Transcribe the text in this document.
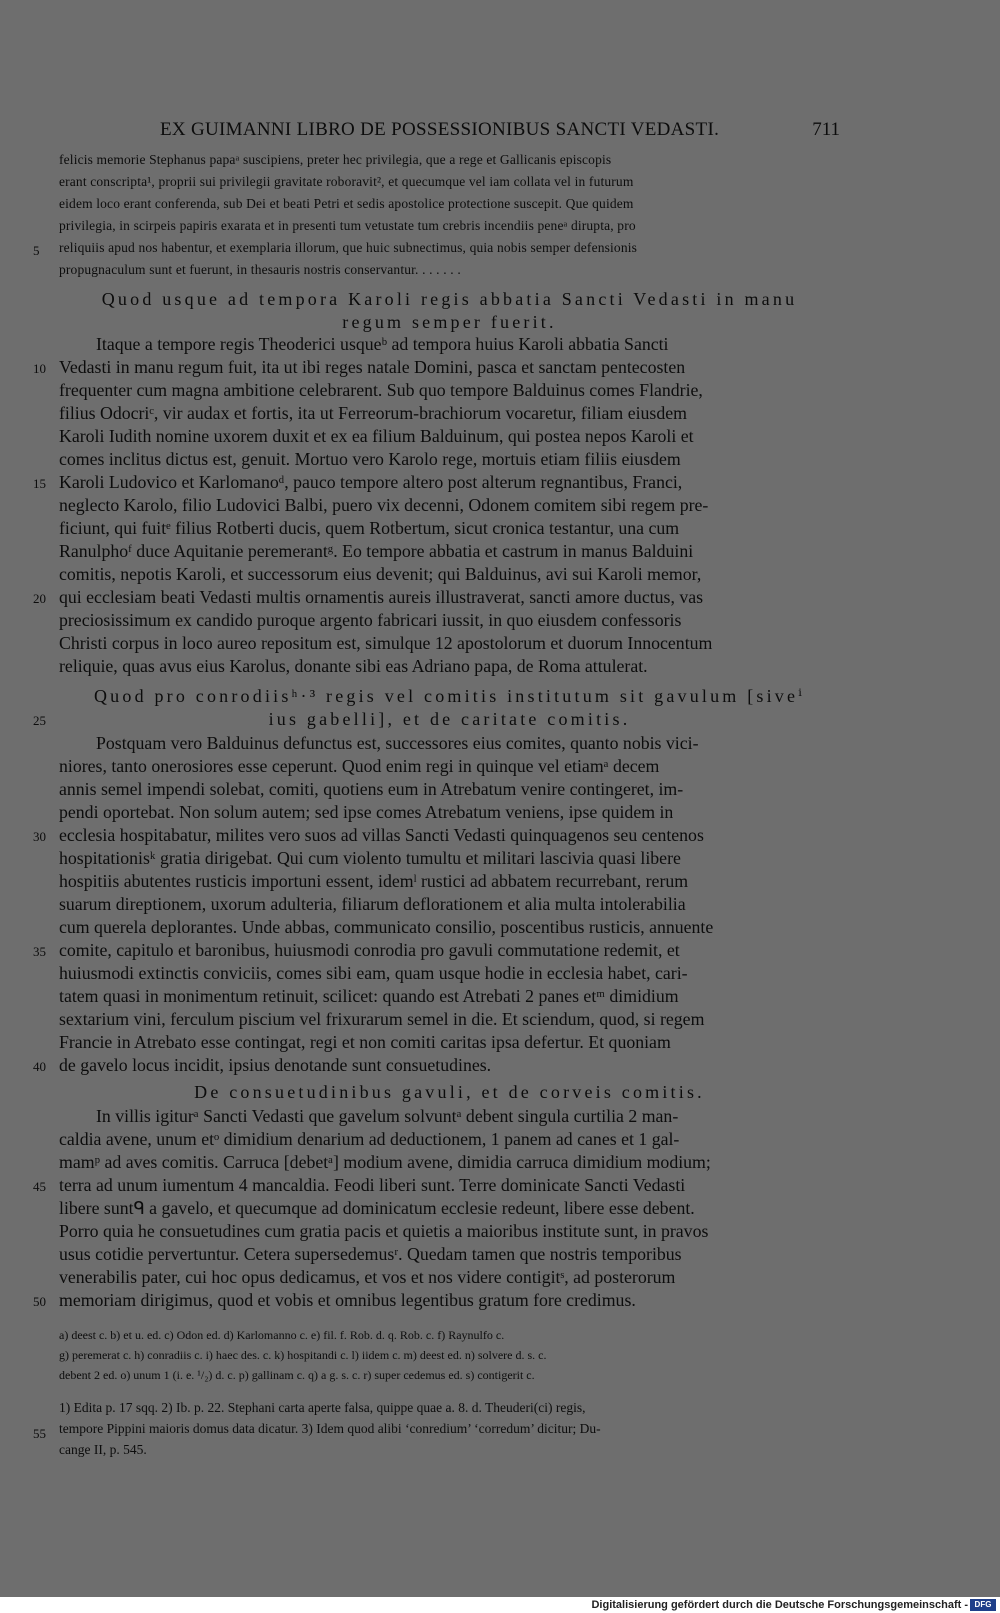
EX GUIMANNI LIBRO DE POSSESSIONIBUS SANCTI VEDASTI.	711
felicis memorie Stephanus papaᵃ suscipiens, preter hec privilegia, que a rege et Gallicanis episcopis
erant conscripta¹, proprii sui privilegii gravitate roboravit², et quecumque vel iam collata vel in futurum
eidem loco erant conferenda, sub Dei et beati Petri et sedis apostolice protectione suscepit. Que quidem
privilegia, in scirpeis papiris exarata et in presenti tum vetustate tum crebris incendiis peneᵃ dirupta, pro
reliquiis apud nos habentur, et exemplaria illorum, que huic subnectimus, quia nobis semper defensionis
propugnaculum sunt et fuerunt, in thesauris nostris conservantur. . . . . . .
Quod usque ad tempora Karoli regis abbatia Sancti Vedasti in manu
regum semper fuerit.
Itaque a tempore regis Theoderici usqueᵇ ad tempora huius Karoli abbatia Sancti
Vedasti in manu regum fuit, ita ut ibi reges natale Domini, pasca et sanctam pentecosten
frequenter cum magna ambitione celebrarent. Sub quo tempore Balduinus comes Flandrie,
filius Odocriᶜ, vir audax et fortis, ita ut Ferreorum-brachiorum vocaretur, filiam eiusdem
Karoli Iudith nomine uxorem duxit et ex ea filium Balduinum, qui postea nepos Karoli et
comes inclitus dictus est, genuit. Mortuo vero Karolo rege, mortuis etiam filiis eiusdem
Karoli Ludovico et Karlomanoᵈ, pauco tempore altero post alterum regnantibus, Franci,
neglecto Karolo, filio Ludovici Balbi, puero vix decenni, Odonem comitem sibi regem pre-
ficiunt, qui fuitᵉ filius Rotberti ducis, quem Rotbertum, sicut cronica testantur, una cum
Ranulphoᶠ duce Aquitanie peremerantᵍ. Eo tempore abbatia et castrum in manus Balduini
comitis, nepotis Karoli, et successorum eius devenit; qui Balduinus, avi sui Karoli memor,
qui ecclesiam beati Vedasti multis ornamentis aureis illustraverat, sancti amore ductus, vas
preciosissimum ex candido puroque argento fabricari iussit, in quo eiusdem confessoris
Christi corpus in loco aureo repositum est, simulque 12 apostolorum et duorum Innocentum
reliquie, quas avus eius Karolus, donante sibi eas Adriano papa, de Roma attulerat.
Quod pro conrodiisʰ·³ regis vel comitis institutum sit gavulum [siveⁱ
ius gabelli], et de caritate comitis.
Postquam vero Balduinus defunctus est, successores eius comites, quanto nobis vici-
niores, tanto onerosiores esse ceperunt. Quod enim regi in quinque vel etiamᵃ decem
annis semel impendi solebat, comiti, quotiens eum in Atrebatum venire contingeret, im-
pendi oportebat. Non solum autem; sed ipse comes Atrebatum veniens, ipse quidem in
ecclesia hospitabatur, milites vero suos ad villas Sancti Vedasti quinquagenos seu centenos
hospitationisᵏ gratia dirigebat. Qui cum violento tumultu et militari lascivia quasi libere
hospitiis abutentes rusticis importuni essent, idemˡ rustici ad abbatem recurrebant, rerum
suarum direptionem, uxorum adulteria, filiarum deflorationem et alia multa intolerabilia
cum querela deplorantes. Unde abbas, communicato consilio, poscentibus rusticis, annuente
comite, capitulo et baronibus, huiusmodi conrodia pro gavuli commutatione redemit, et
huiusmodi extinctis conviciis, comes sibi eam, quam usque hodie in ecclesia habet, cari-
tatem quasi in monimentum retinuit, scilicet: quando est Atrebati 2 panes etᵐ dimidium
sextarium vini, ferculum piscium vel frixurarum semel in die. Et sciendum, quod, si regem
Francie in Atrebato esse contingat, regi et non comiti caritas ipsa defertur. Et quoniam
de gavelo locus incidit, ipsius denotande sunt consuetudines.
De consuetudinibus gavuli, et de corveis comitis.
In villis igiturᵃ Sancti Vedasti que gavelum solvuntᵃ debent singula curtilia 2 man-
caldia avene, unum etᵒ dimidium denarium ad deductionem, 1 panem ad canes et 1 gal-
mamᵖ ad aves comitis. Carruca [debetᵃ] modium avene, dimidia carruca dimidium modium;
terra ad unum iumentum 4 mancaldia. Feodi liberi sunt. Terre dominicate Sancti Vedasti
libere suntᑫ a gavelo, et quecumque ad dominicatum ecclesie redeunt, libere esse debent.
Porro quia he consuetudines cum gratia pacis et quietis a maioribus institute sunt, in pravos
usus cotidie pervertuntur. Cetera supersedemusʳ. Quedam tamen que nostris temporibus
venerabilis pater, cui hoc opus dedicamus, et vos et nos videre contigitˢ, ad posterorum
memoriam dirigimus, quod et vobis et omnibus legentibus gratum fore credimus.
5
10
15
20
25
30
35
40
45
50
55
a) deest c. b) et u. ed. c) Odon ed. d) Karlomanno c. e) fil. f. Rob. d. q. Rob. c. f) Raynulfo c.
g) peremerat c. h) conradiis c. i) haec des. c. k) hospitandi c. l) iidem c. m) deest ed. n) solvere d. s. c.
debent 2 ed. o) unum 1 (i. e. ¹/₂) d. c. p) gallinam c. q) a g. s. c. r) super cedemus ed. s) contigerit c.
1) Edita p. 17 sqq. 2) Ib. p. 22. Stephani carta aperte falsa, quippe quae a. 8. d. Theuderi(ci) regis,
tempore Pippini maioris domus data dicatur. 3) Idem quod alibi ‘conredium’ ‘corredum’ dicitur; Du-
cange II, p. 545.
Digitalisierung gefördert durch die Deutsche Forschungsgemeinschaft - DFG
